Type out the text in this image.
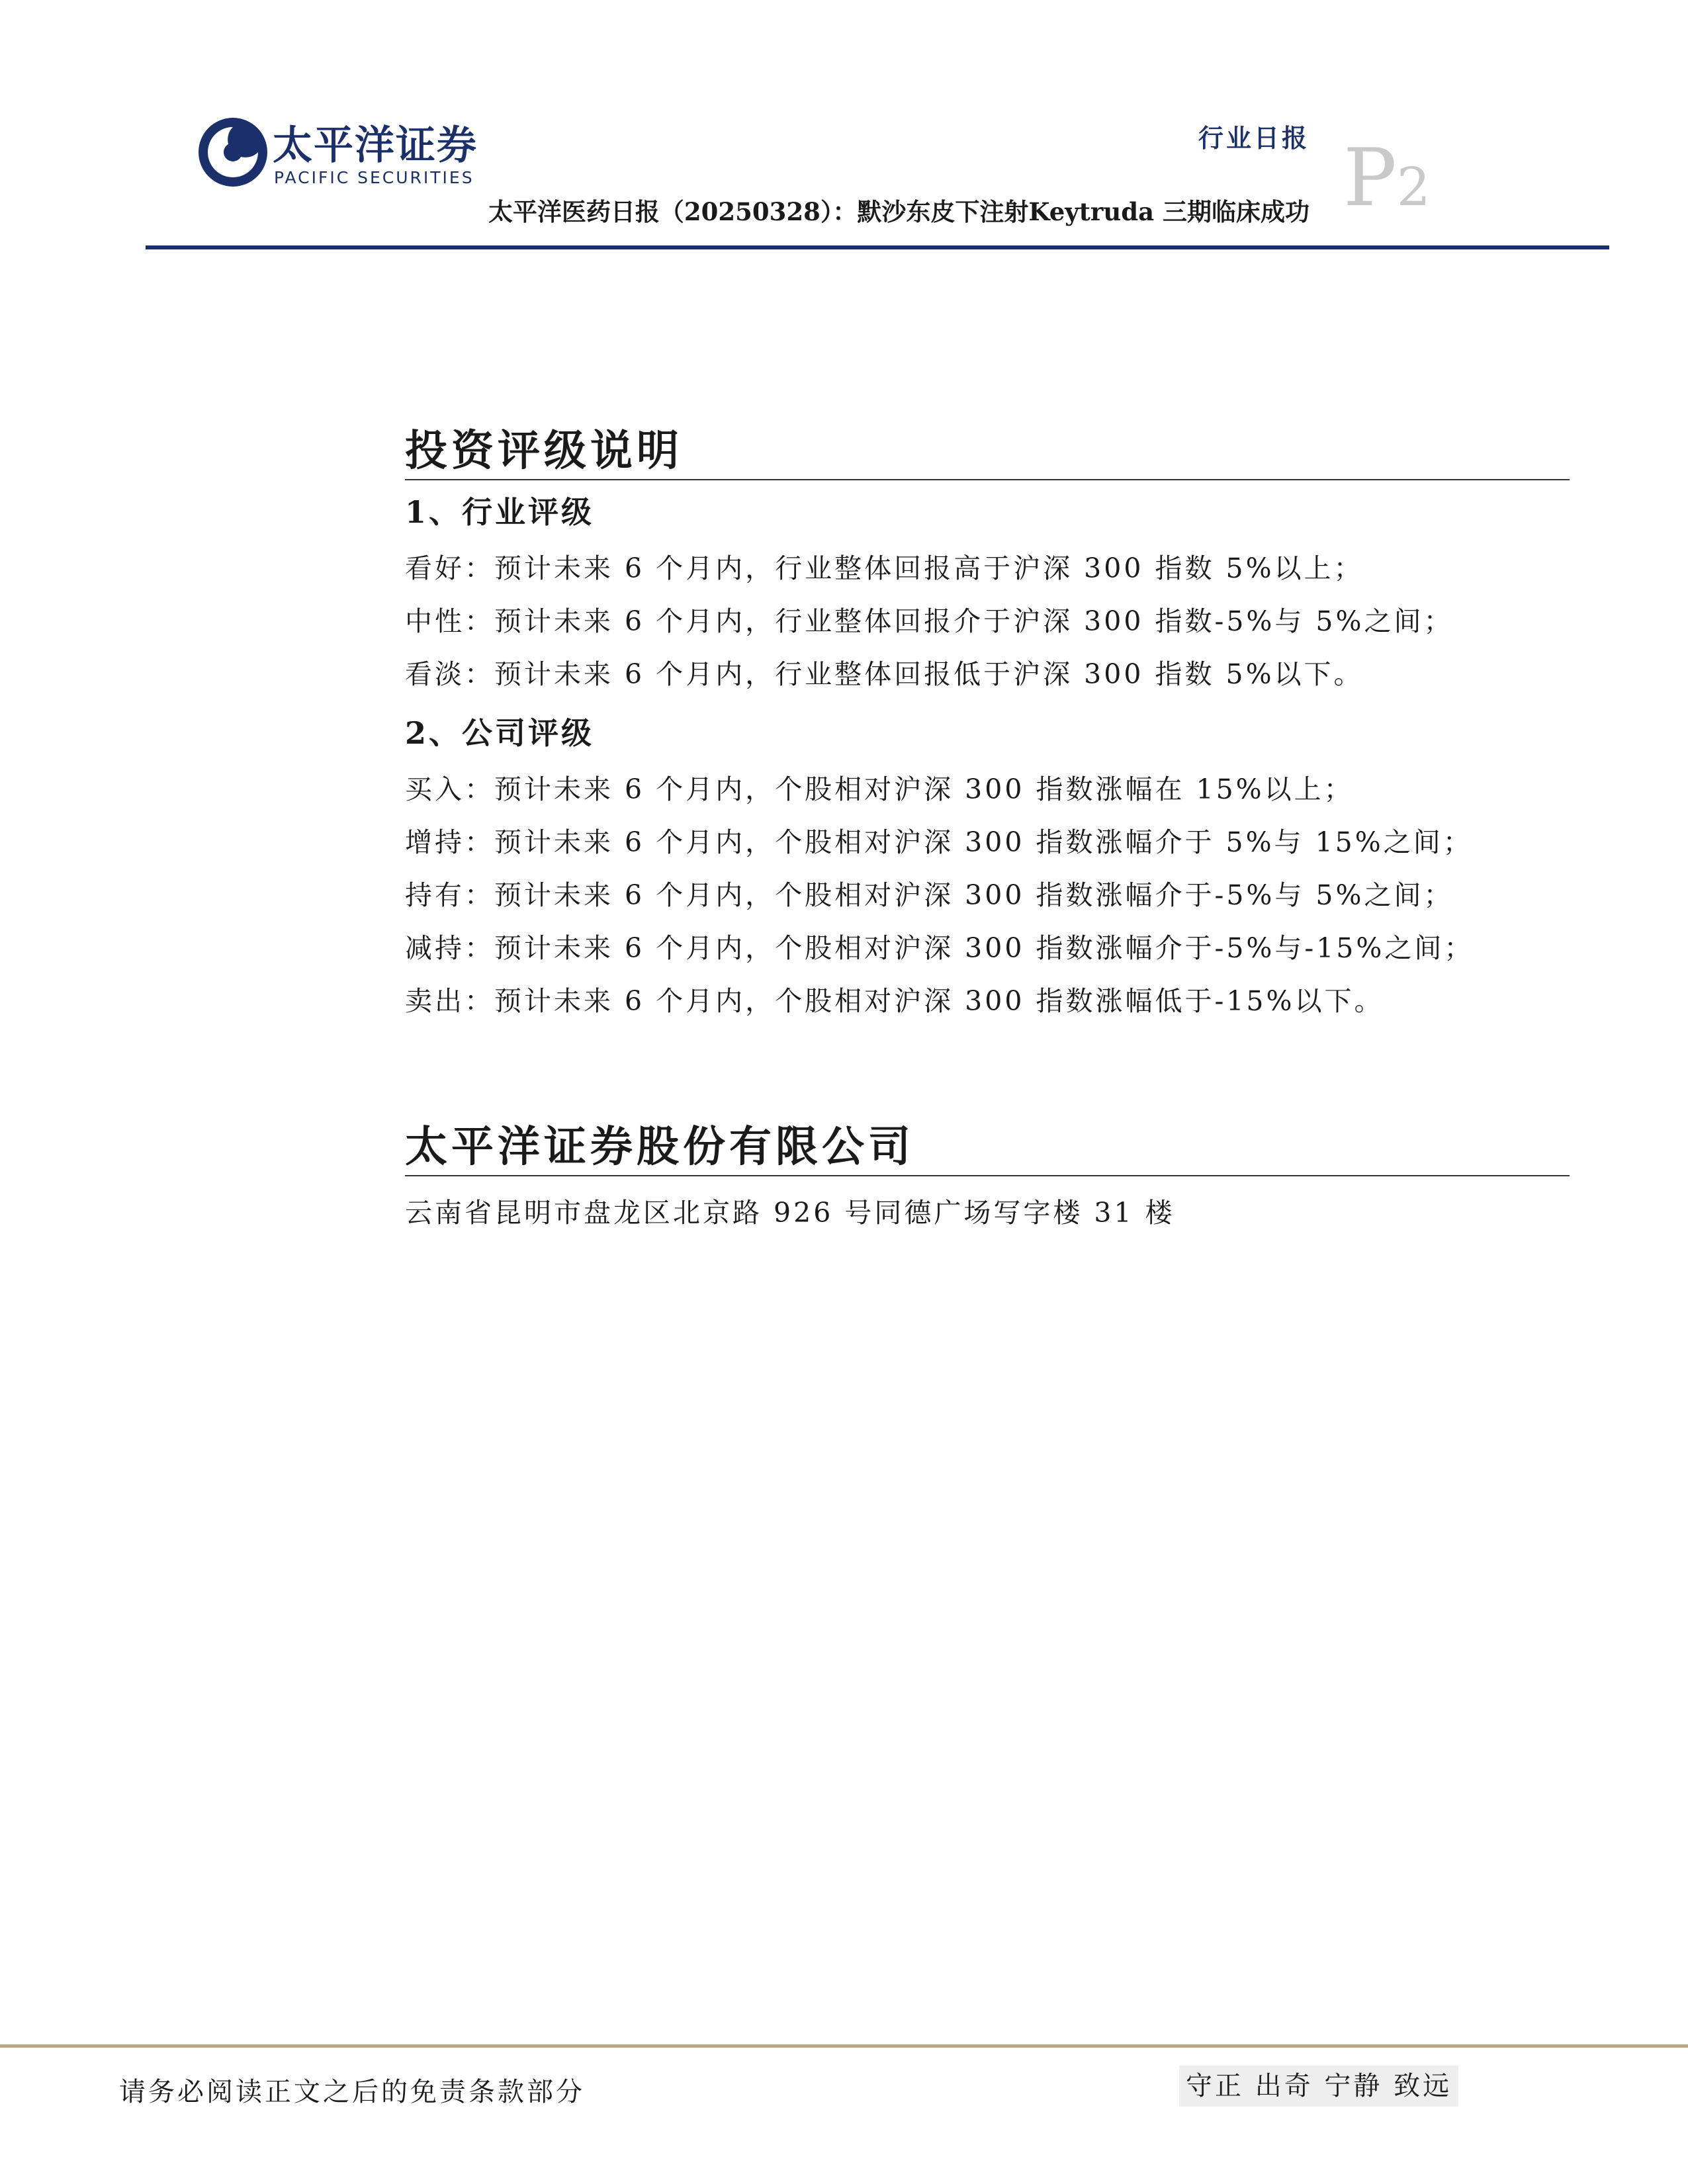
太平洋证券
PACIFIC SECURITIES
行业日报 P2
太平洋医药日报（20250328）：默沙东皮下注射Keytruda 三期临床成功
投资评级说明
1、行业评级
看好：预计未来 6 个月内，行业整体回报高于沪深 300 指数 5%以上；
中性：预计未来 6 个月内，行业整体回报介于沪深 300 指数-5%与 5%之间；
看淡：预计未来 6 个月内，行业整体回报低于沪深 300 指数 5%以下。
2、公司评级
买入：预计未来 6 个月内，个股相对沪深 300 指数涨幅在 15%以上；
增持：预计未来 6 个月内，个股相对沪深 300 指数涨幅介于 5%与 15%之间；
持有：预计未来 6 个月内，个股相对沪深 300 指数涨幅介于-5%与 5%之间；
减持：预计未来 6 个月内，个股相对沪深 300 指数涨幅介于-5%与-15%之间；
卖出：预计未来 6 个月内，个股相对沪深 300 指数涨幅低于-15%以下。
太平洋证券股份有限公司
云南省昆明市盘龙区北京路 926 号同德广场写字楼 31 楼
请务必阅读正文之后的免责条款部分	守正 出奇 宁静 致远
